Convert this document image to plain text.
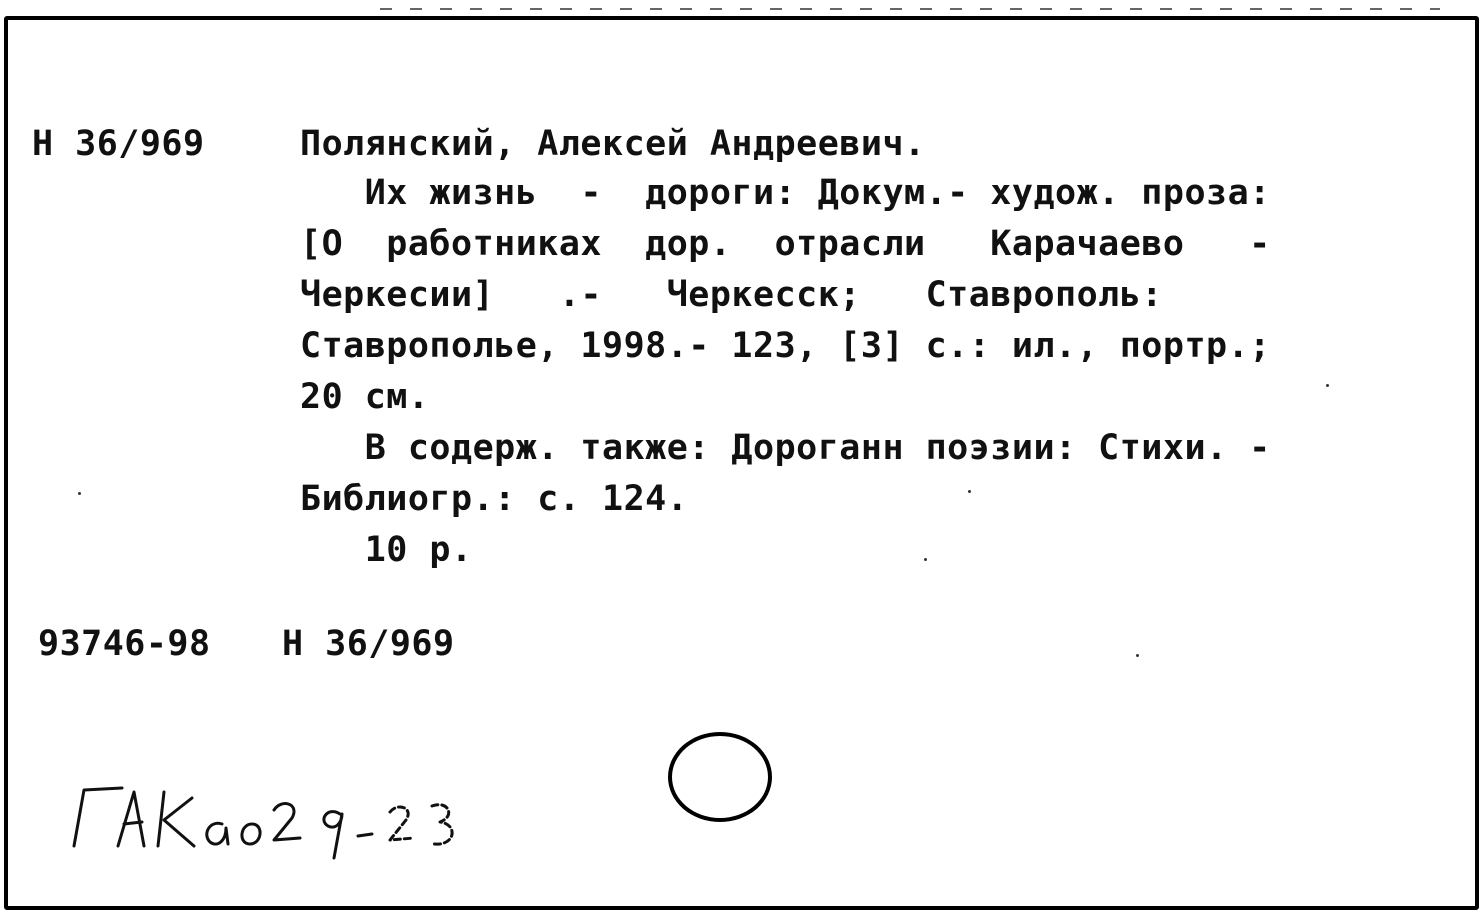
Н 36/969	Полянский, Алексей Андреевич.
Их жизнь  -  дороги: Докум.- худож. проза:
[О  работниках  дор.  отрасли   Карачаево   -
Черкесии]   .-   Черкесск;   Ставрополь:
Ставрополье, 1998.- 123, [3] с.: ил., портр.;
20 см.
В содерж. также: Дороганн поэзии: Стихи. -
Библиогр.: с. 124.
10 р.
93746-98 Н 36/969
